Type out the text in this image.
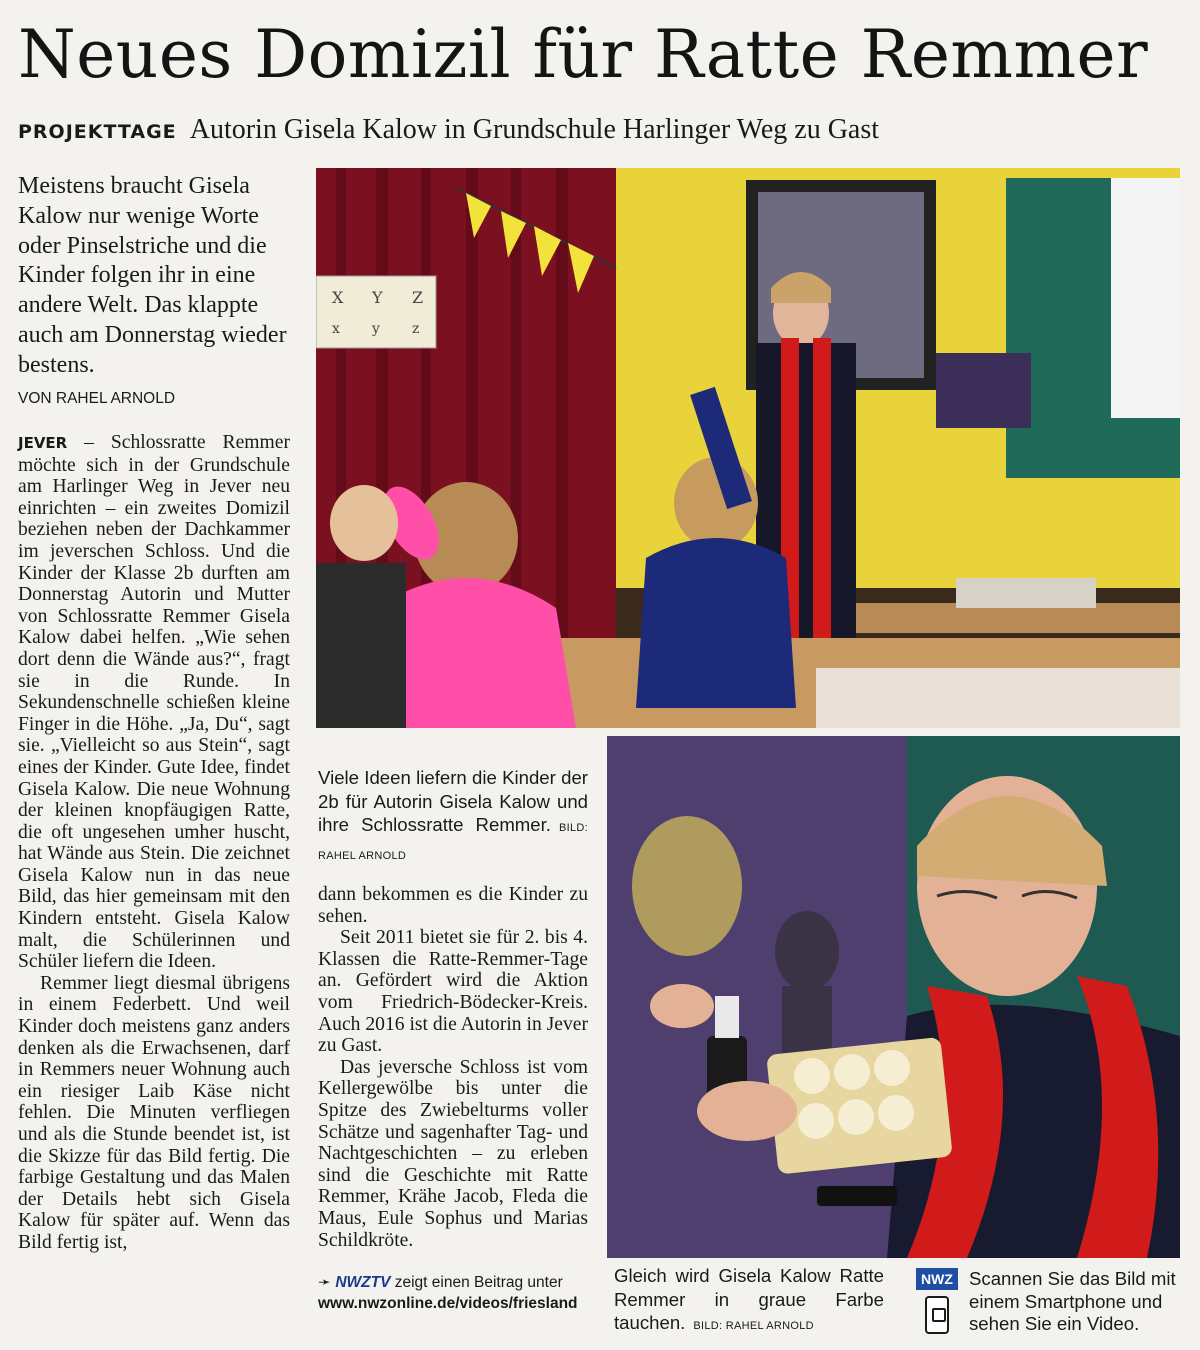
Neues Domizil für Ratte Remmer
PROJEKTTAGE Autorin Gisela Kalow in Grundschule Harlinger Weg zu Gast
Meistens braucht Gisela Kalow nur wenige Worte oder Pinselstriche und die Kinder folgen ihr in eine andere Welt. Das klappte auch am Donnerstag wieder bestens.
VON RAHEL ARNOLD

JEVER – Schlossratte Remmer möchte sich in der Grundschule am Harlinger Weg in Jever neu einrichten – ein zweites Domizil beziehen neben der Dachkammer im jeverschen Schloss. Und die Kinder der Klasse 2b durften am Donnerstag Autorin und Mutter von Schlossratte Remmer Gisela Kalow dabei helfen. „Wie sehen dort denn die Wände aus?“, fragt sie in die Runde. In Sekundenschnelle schießen kleine Finger in die Höhe. „Ja, Du“, sagt sie. „Vielleicht so aus Stein“, sagt eines der Kinder. Gute Idee, findet Gisela Kalow. Die neue Wohnung der kleinen knopfäugigen Ratte, die oft ungesehen umher huscht, hat Wände aus Stein. Die zeichnet Gisela Kalow nun in das neue Bild, das hier gemeinsam mit den Kindern entsteht. Gisela Kalow malt, die Schülerinnen und Schüler liefern die Ideen.

Remmer liegt diesmal übrigens in einem Federbett. Und weil Kinder doch meistens ganz anders denken als die Erwachsenen, darf in Remmers neuer Wohnung auch ein riesiger Laib Käse nicht fehlen. Die Minuten verfliegen und als die Stunde beendet ist, ist die Skizze für das Bild fertig. Die farbige Gestaltung und das Malen der Details hebt sich Gisela Kalow für später auf. Wenn das Bild fertig ist,

X Y Z
x y z
Viele Ideen liefern die Kinder der 2b für Autorin Gisela Kalow und ihre Schlossratte Remmer. BILD: RAHEL ARNOLD

dann bekommen es die Kinder zu sehen.

Seit 2011 bietet sie für 2. bis 4. Klassen die Ratte-Remmer-Tage an. Gefördert wird die Aktion vom Friedrich-Bödecker-Kreis. Auch 2016 ist die Autorin in Jever zu Gast.

Das jeversche Schloss ist vom Kellergewölbe bis unter die Spitze des Zwiebelturms voller Schätze und sagenhafter Tag- und Nachtgeschichten – zu erleben sind die Geschichte mit Ratte Remmer, Krähe Jacob, Fleda die Maus, Eule Sophus und Marias Schildkröte.

➛ NWZTV zeigt einen Beitrag unter
www.nwzonline.de/videos/friesland
Gleich wird Gisela Kalow Ratte Remmer in graue Farbe tauchen. BILD: RAHEL ARNOLD
NWZ Scannen Sie das Bild mit einem Smartphone und sehen Sie ein Video.
